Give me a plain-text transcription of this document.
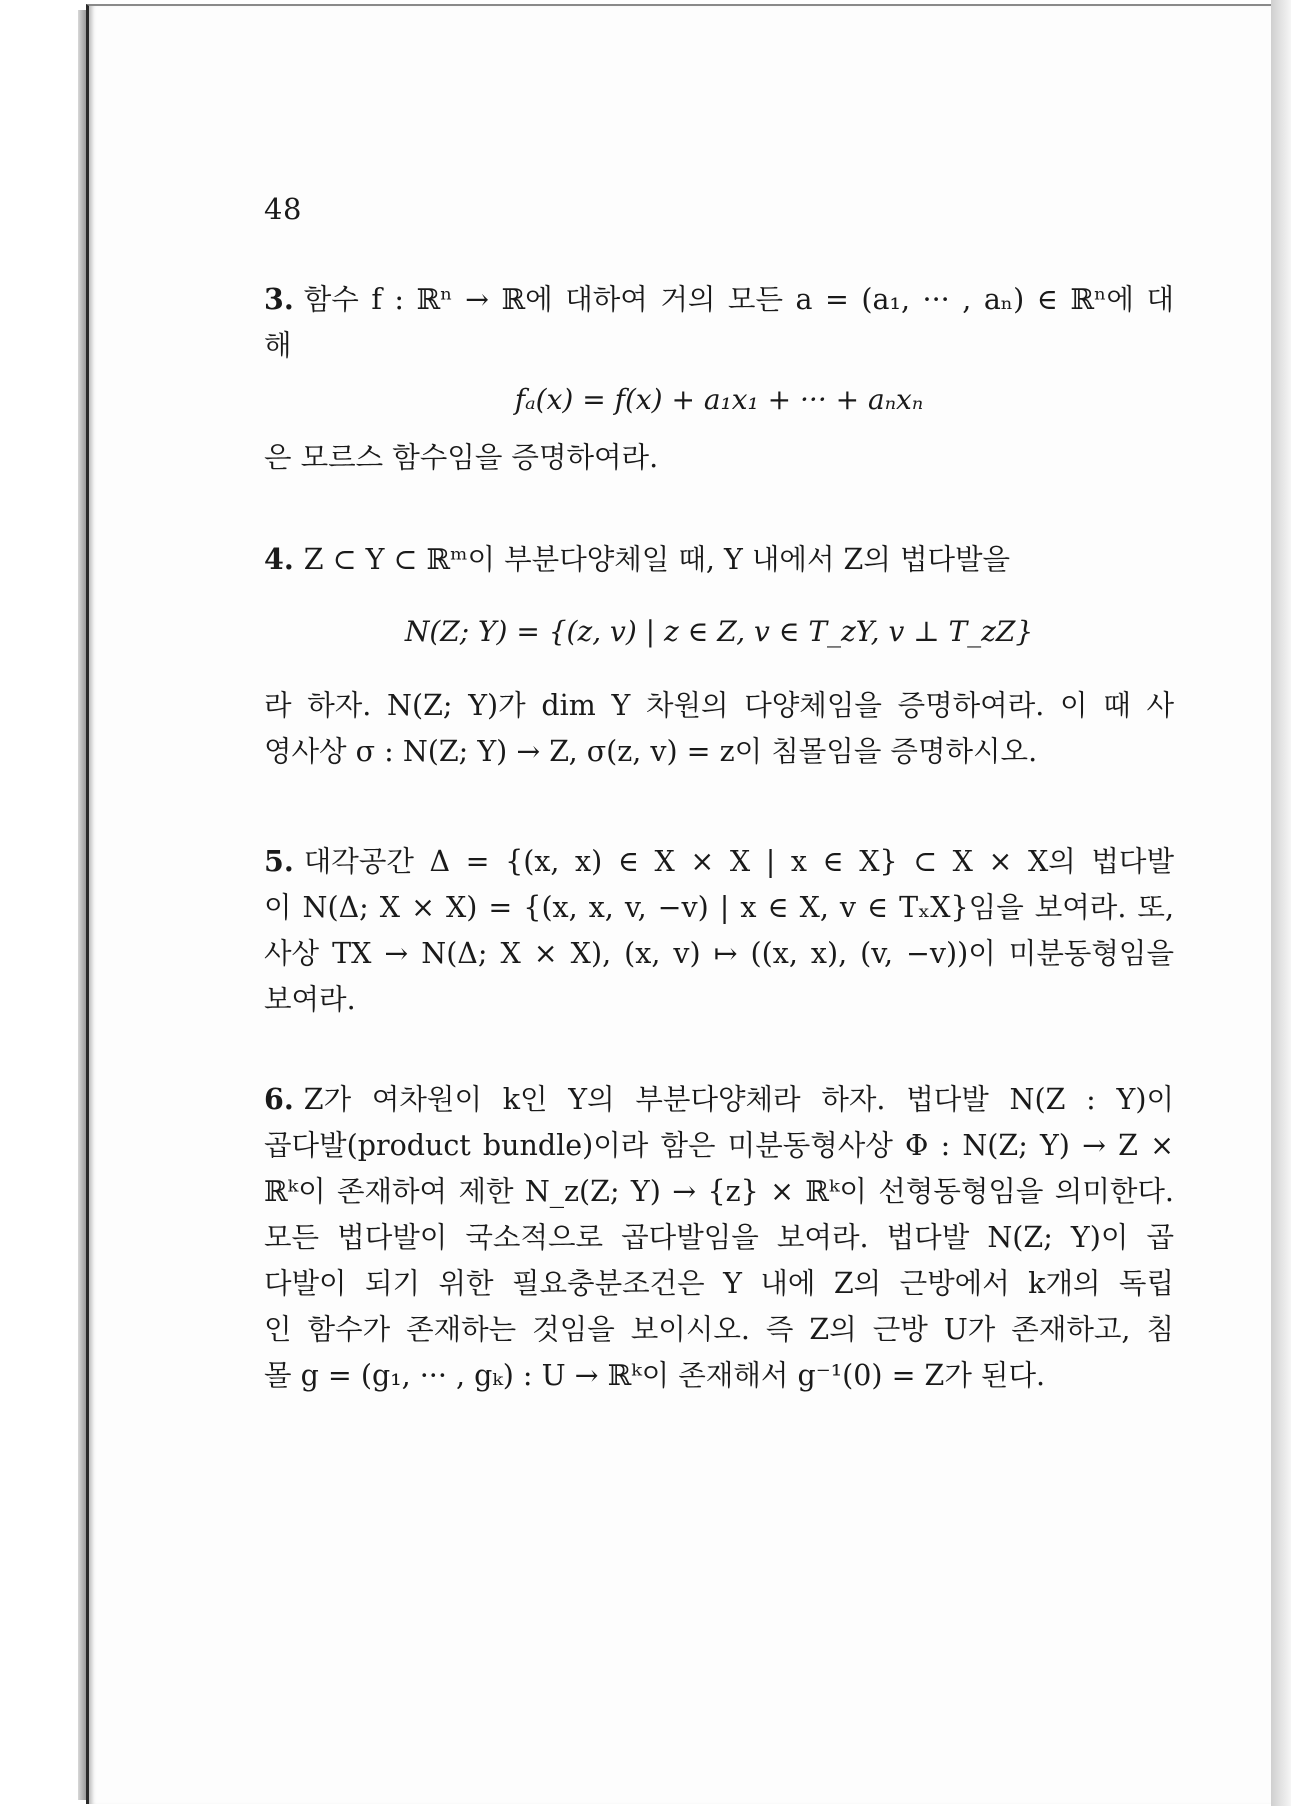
48
3. 함수 f : ℝⁿ → ℝ에 대하여 거의 모든 a = (a₁, ··· , aₙ) ∈ ℝⁿ에 대
해
fₐ(x) = f(x) + a₁x₁ + ··· + aₙxₙ
은 모르스 함수임을 증명하여라.
4. Z ⊂ Y ⊂ ℝᵐ이 부분다양체일 때, Y 내에서 Z의 법다발을
N(Z; Y) = {(z, v) | z ∈ Z, v ∈ T_zY, v ⊥ T_zZ}
라 하자. N(Z; Y)가 dim Y 차원의 다양체임을 증명하여라. 이 때 사
영사상 σ : N(Z; Y) → Z, σ(z, v) = z이 침몰임을 증명하시오.
5. 대각공간 Δ = {(x, x) ∈ X × X | x ∈ X} ⊂ X × X의 법다발
이 N(Δ; X × X) = {(x, x, v, −v) | x ∈ X, v ∈ TₓX}임을 보여라. 또,
사상 TX → N(Δ; X × X), (x, v) ↦ ((x, x), (v, −v))이 미분동형임을
보여라.
6. Z가 여차원이 k인 Y의 부분다양체라 하자. 법다발 N(Z : Y)이
곱다발(product bundle)이라 함은 미분동형사상 Φ : N(Z; Y) → Z ×
ℝᵏ이 존재하여 제한 N_z(Z; Y) → {z} × ℝᵏ이 선형동형임을 의미한다.
모든 법다발이 국소적으로 곱다발임을 보여라. 법다발 N(Z; Y)이 곱
다발이 되기 위한 필요충분조건은 Y 내에 Z의 근방에서 k개의 독립
인 함수가 존재하는 것임을 보이시오. 즉 Z의 근방 U가 존재하고, 침
몰 g = (g₁, ··· , gₖ) : U → ℝᵏ이 존재해서 g⁻¹(0) = Z가 된다.
